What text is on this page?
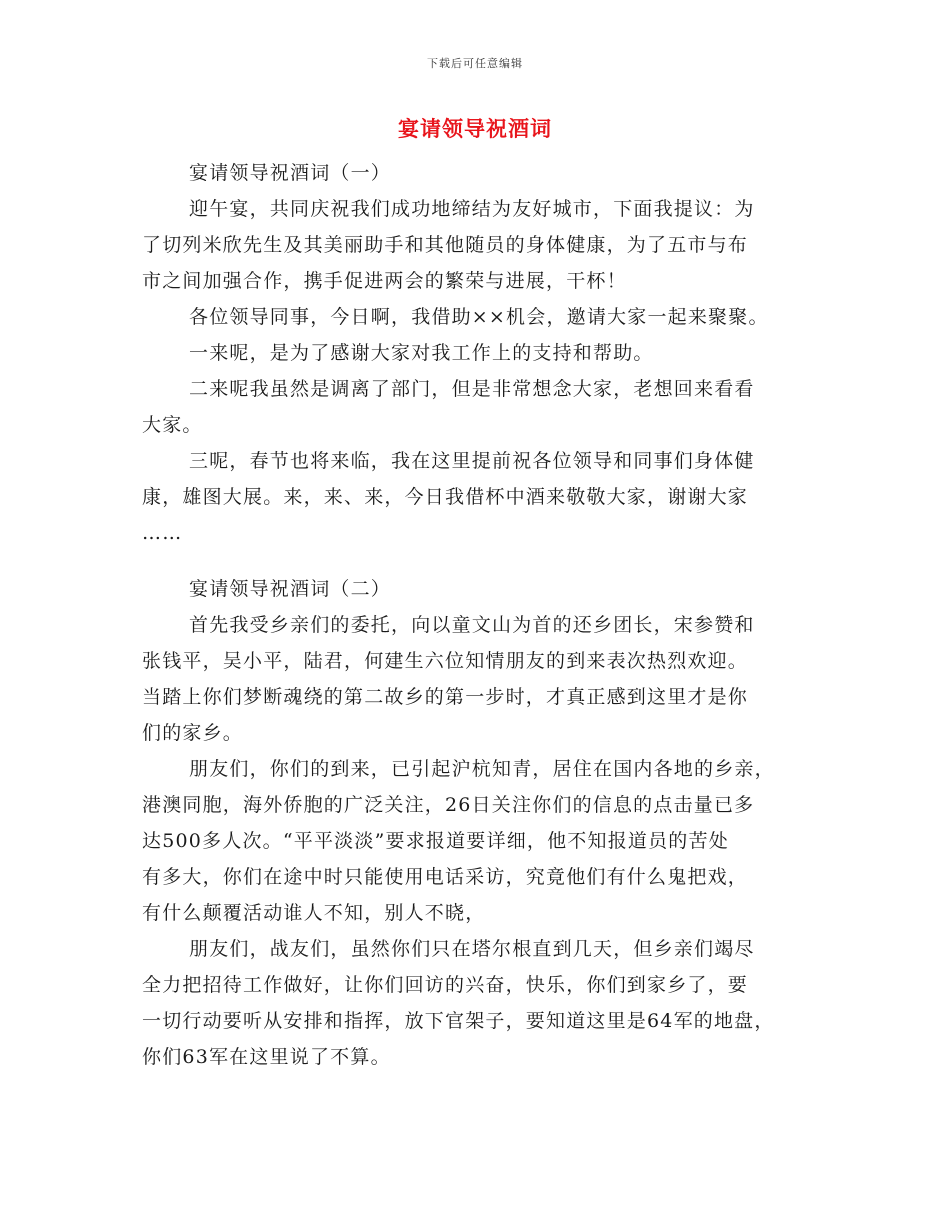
下载后可任意编辑
宴请领导祝酒词
宴请领导祝酒词（一）
迎午宴，共同庆祝我们成功地缔结为友好城市，下面我提议：为
了切列米欣先生及其美丽助手和其他随员的身体健康，为了五市与布
市之间加强合作，携手促进两会的繁荣与进展，干杯！
各位领导同事，今日啊，我借助××机会，邀请大家一起来聚聚。
一来呢，是为了感谢大家对我工作上的支持和帮助。
二来呢我虽然是调离了部门，但是非常想念大家，老想回来看看
大家。
三呢，春节也将来临，我在这里提前祝各位领导和同事们身体健
康，雄图大展。来，来、来，今日我借杯中酒来敬敬大家，谢谢大家
……
宴请领导祝酒词（二）
首先我受乡亲们的委托，向以童文山为首的还乡团长，宋参赞和
张钱平，吴小平，陆君，何建生六位知情朋友的到来表次热烈欢迎。
当踏上你们梦断魂绕的第二故乡的第一步时，才真正感到这里才是你
们的家乡。
朋友们，你们的到来，已引起沪杭知青，居住在国内各地的乡亲，
港澳同胞，海外侨胞的广泛关注，26日关注你们的信息的点击量已多
达500多人次。“平平淡淡”要求报道要详细，他不知报道员的苦处
有多大，你们在途中时只能使用电话采访，究竟他们有什么鬼把戏，
有什么颠覆活动谁人不知，别人不晓，
朋友们，战友们，虽然你们只在塔尔根直到几天，但乡亲们竭尽
全力把招待工作做好，让你们回访的兴奋，快乐，你们到家乡了，要
一切行动要听从安排和指挥，放下官架子，要知道这里是64军的地盘，
你们63军在这里说了不算。
